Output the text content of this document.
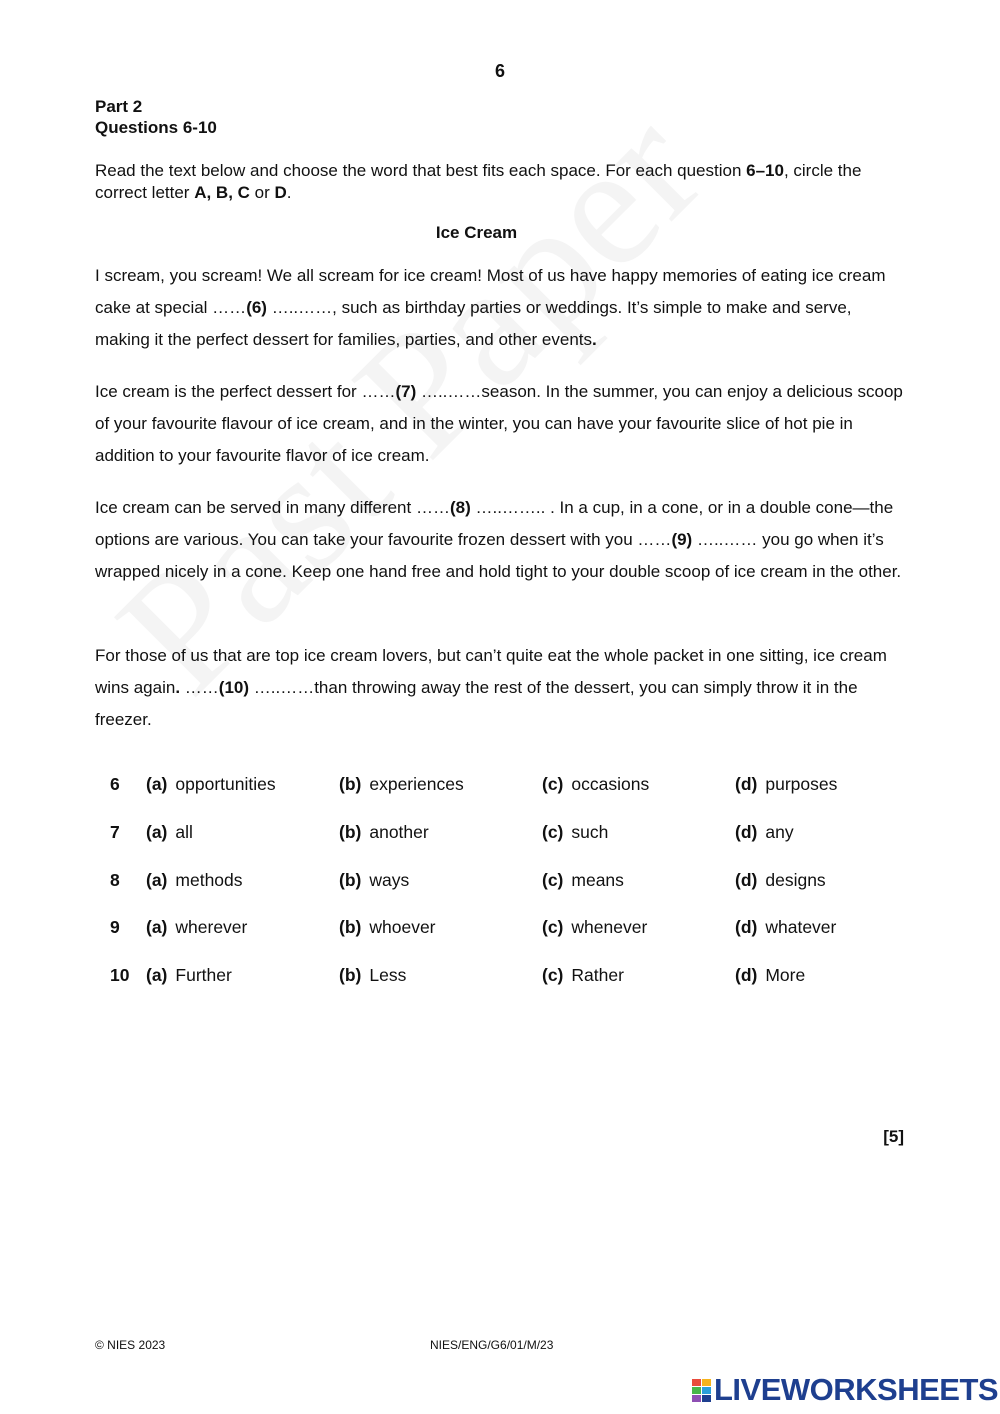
6
Part 2
Questions 6-10
Read the text below and choose the word that best fits each space. For each question 6–10, circle the correct letter A, B, C or D.
Ice Cream
I scream, you scream! We all scream for ice cream! Most of us have happy memories of eating ice cream cake at special ……(6) …..……, such as birthday parties or weddings. It’s simple to make and serve, making it the perfect dessert for families, parties, and other events.
Ice cream is the perfect dessert for ……(7) …..……season. In the summer, you can enjoy a delicious scoop of your favourite flavour of ice cream, and in the winter, you can have your favourite slice of hot pie in addition to your favourite flavor of ice cream.
Ice cream can be served in many different ……(8) …..…….. . In a cup, in a cone, or in a double cone—the options are various. You can take your favourite frozen dessert with you ……(9) …..…… you go when it’s wrapped nicely in a cone. Keep one hand free and hold tight to your double scoop of ice cream in the other.
For those of us that are top ice cream lovers, but can’t quite eat the whole packet in one sitting, ice cream wins again. ……(10) …..……than throwing away the rest of the dessert, you can simply throw it in the freezer.
6 (a) opportunities	(b) experiences	(c) occasions	(d) purposes
7 (a) all	(b) another	(c) such	(d) any
8 (a) methods	(b) ways	(c) means	(d) designs
9 (a) wherever	(b) whoever	(c) whenever	(d) whatever
10 (a) Further	(b) Less	(c) Rather	(d) More
[5]
© NIES 2023	NIES/ENG/G6/01/M/23
LIVEWORKSHEETS
